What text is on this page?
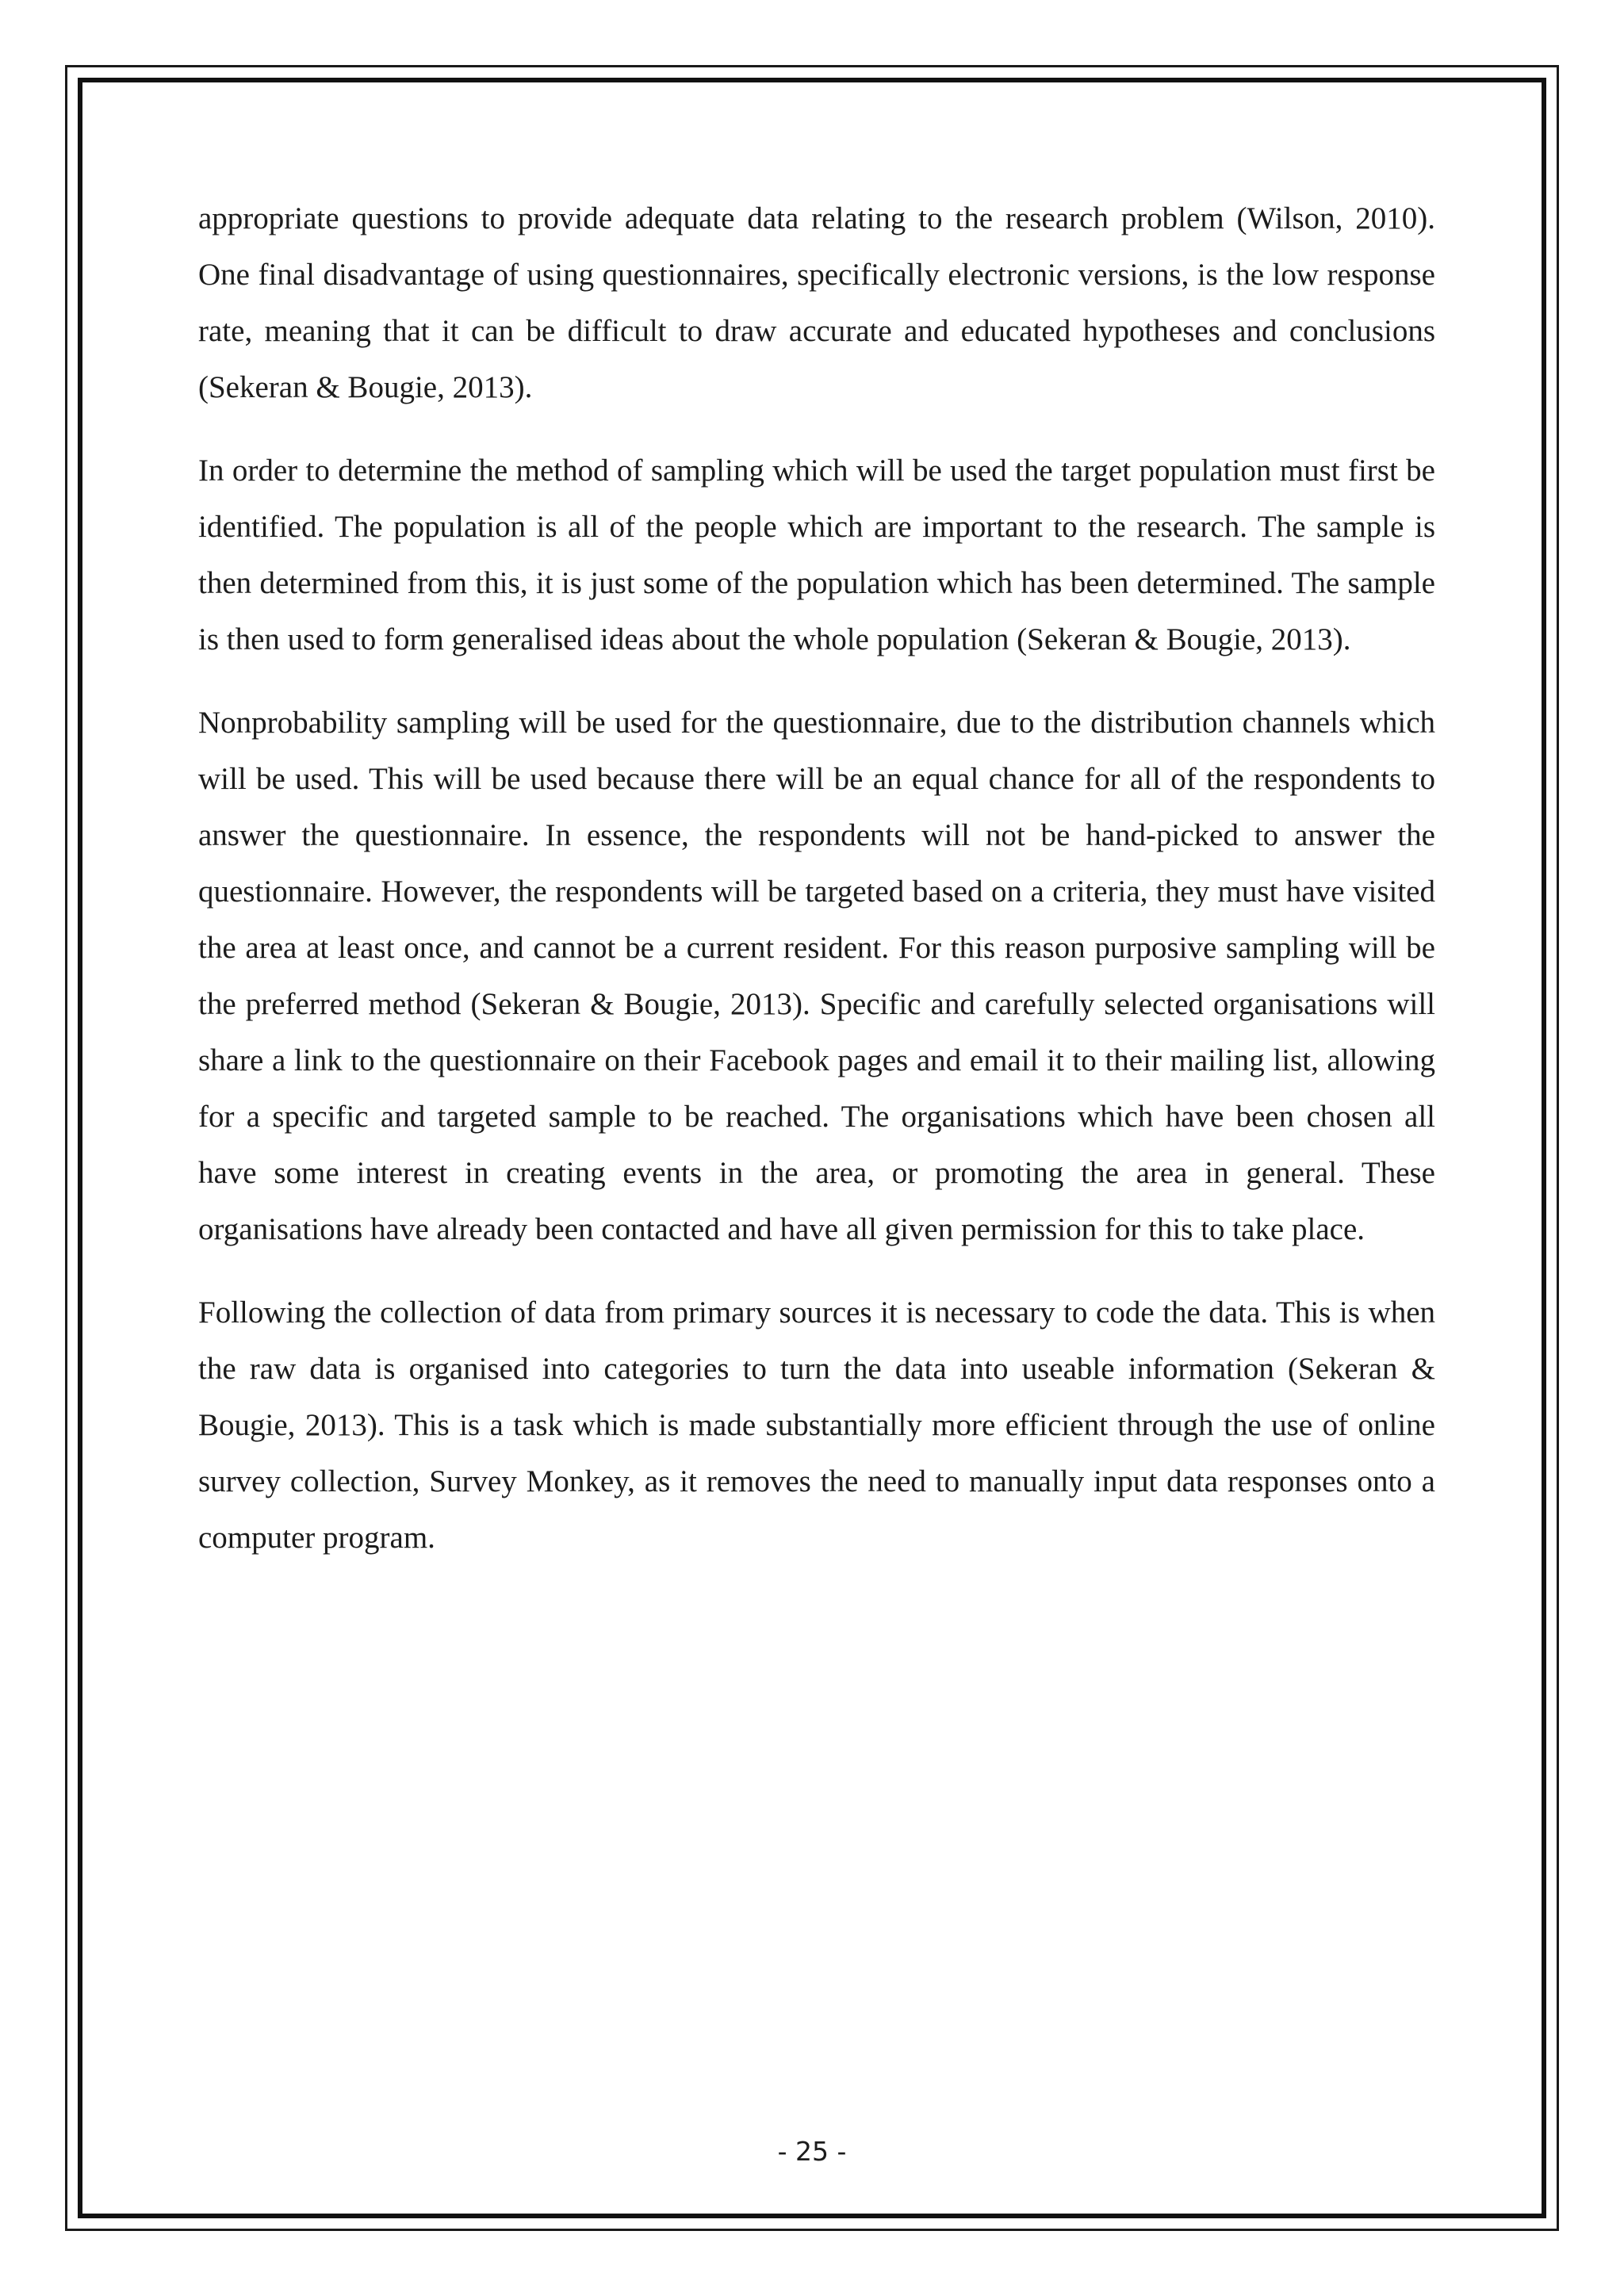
appropriate questions to provide adequate data relating to the research problem (Wilson, 2010). One final disadvantage of using questionnaires, specifically electronic versions, is the low response rate, meaning that it can be difficult to draw accurate and educated hypotheses and conclusions (Sekeran & Bougie, 2013).

In order to determine the method of sampling which will be used the target population must first be identified. The population is all of the people which are important to the research. The sample is then determined from this, it is just some of the population which has been determined. The sample is then used to form generalised ideas about the whole population (Sekeran & Bougie, 2013).

Nonprobability sampling will be used for the questionnaire, due to the distribution channels which will be used. This will be used because there will be an equal chance for all of the respondents to answer the questionnaire. In essence, the respondents will not be hand-picked to answer the questionnaire. However, the respondents will be targeted based on a criteria, they must have visited the area at least once, and cannot be a current resident. For this reason purposive sampling will be the preferred method (Sekeran & Bougie, 2013). Specific and carefully selected organisations will share a link to the questionnaire on their Facebook pages and email it to their mailing list, allowing for a specific and targeted sample to be reached. The organisations which have been chosen all have some interest in creating events in the area, or promoting the area in general. These organisations have already been contacted and have all given permission for this to take place.

Following the collection of data from primary sources it is necessary to code the data. This is when the raw data is organised into categories to turn the data into useable information (Sekeran & Bougie, 2013). This is a task which is made substantially more efficient through the use of online survey collection, Survey Monkey, as it removes the need to manually input data responses onto a computer program.

- 25 -
